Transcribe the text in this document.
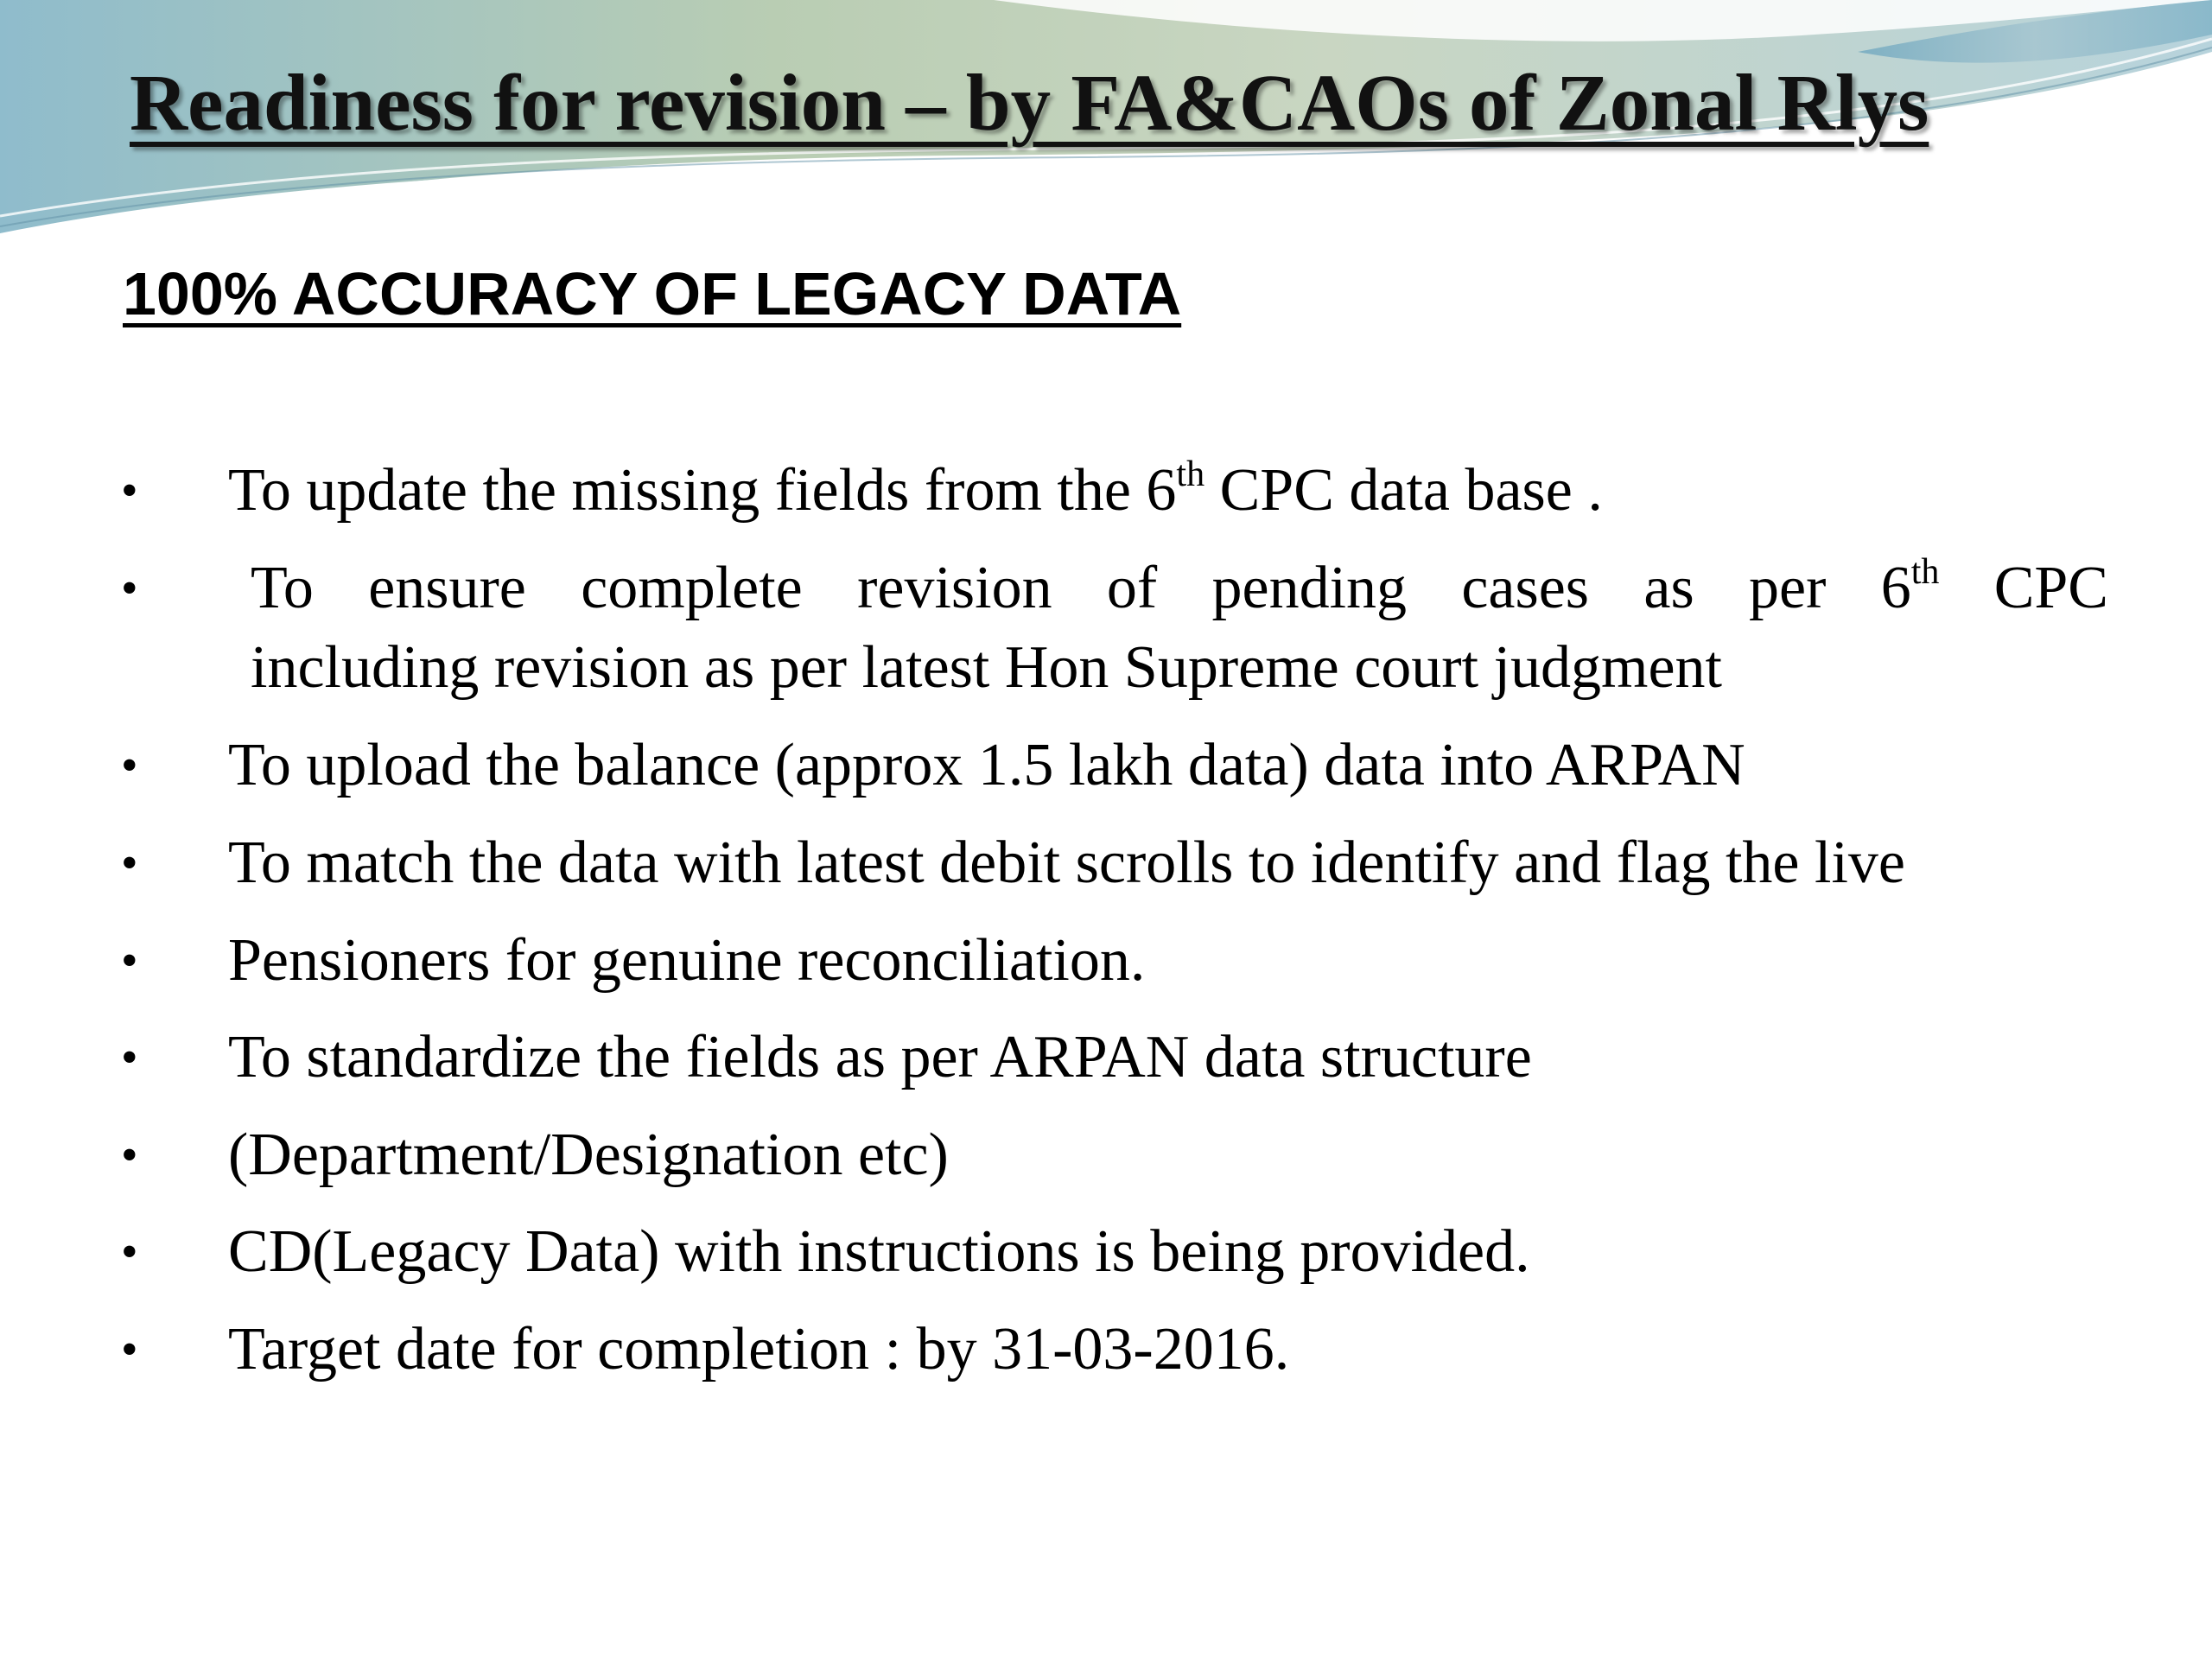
Readiness for revision – by FA&CAOs of Zonal Rlys
100% ACCURACY OF LEGACY DATA
• To update the missing fields from the 6th CPC data base .
• To ensure complete revision of pending cases as per 6th CPC
including revision as per latest Hon Supreme court judgment
• To upload the balance (approx 1.5 lakh data) data into ARPAN
• To match the data with latest debit scrolls to identify and flag the live
• Pensioners for genuine reconciliation.
• To standardize the fields as per ARPAN data structure
• (Department/Designation etc)
• CD(Legacy Data) with instructions is being provided.
• Target date for completion : by 31-03-2016.
